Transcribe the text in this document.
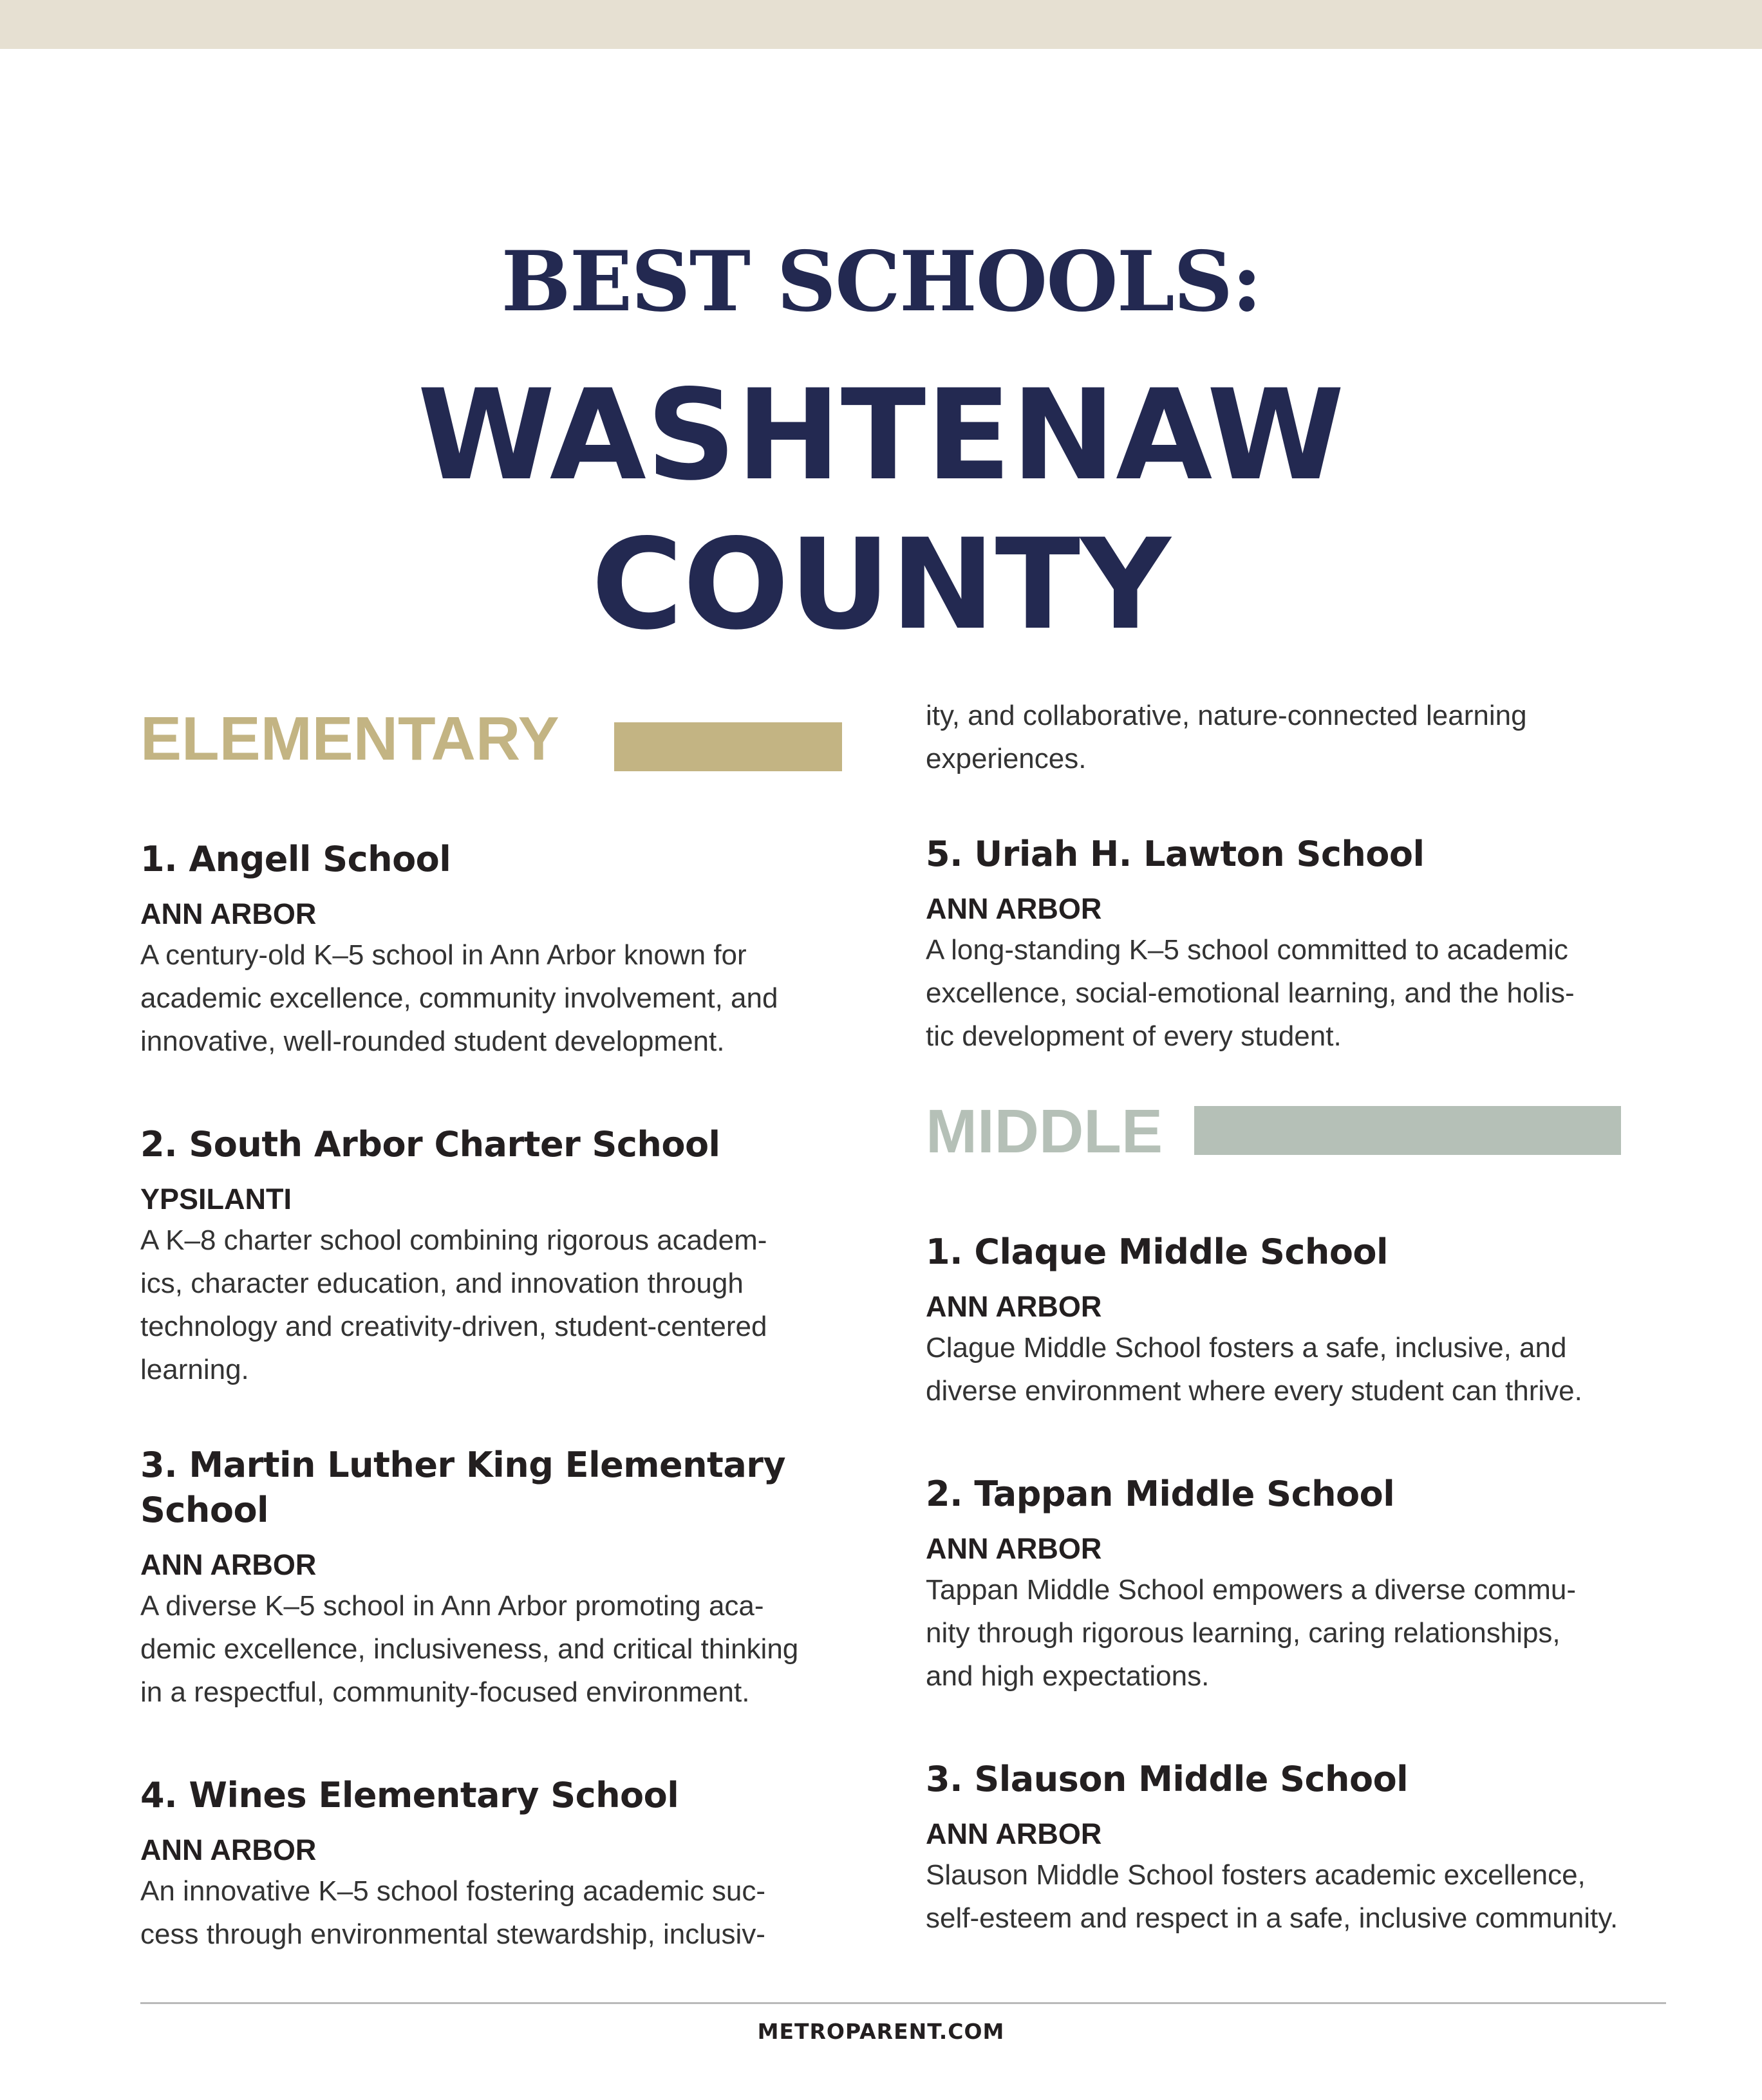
BEST SCHOOLS:
WASHTENAW
COUNTY
ELEMENTARY
1. Angell School
ANN ARBOR
A century-old K–5 school in Ann Arbor known for
academic excellence, community involvement, and
innovative, well-rounded student development.
2. South Arbor Charter School
YPSILANTI
A K–8 charter school combining rigorous academ-
ics, character education, and innovation through
technology and creativity-driven, student-centered
learning.
3. Martin Luther King Elementary School
ANN ARBOR
A diverse K–5 school in Ann Arbor promoting aca-
demic excellence, inclusiveness, and critical thinking
in a respectful, community-focused environment.
4. Wines Elementary School
ANN ARBOR
An innovative K–5 school fostering academic suc-
cess through environmental stewardship, inclusiv-
ity, and collaborative, nature-connected learning
experiences.
5. Uriah H. Lawton School
ANN ARBOR
A long-standing K–5 school committed to academic
excellence, social-emotional learning, and the holis-
tic development of every student.
MIDDLE
1. Claque Middle School
ANN ARBOR
Clague Middle School fosters a safe, inclusive, and
diverse environment where every student can thrive.
2. Tappan Middle School
ANN ARBOR
Tappan Middle School empowers a diverse commu-
nity through rigorous learning, caring relationships,
and high expectations.
3. Slauson Middle School
ANN ARBOR
Slauson Middle School fosters academic excellence,
self-esteem and respect in a safe, inclusive community.
METROPARENT.COM
